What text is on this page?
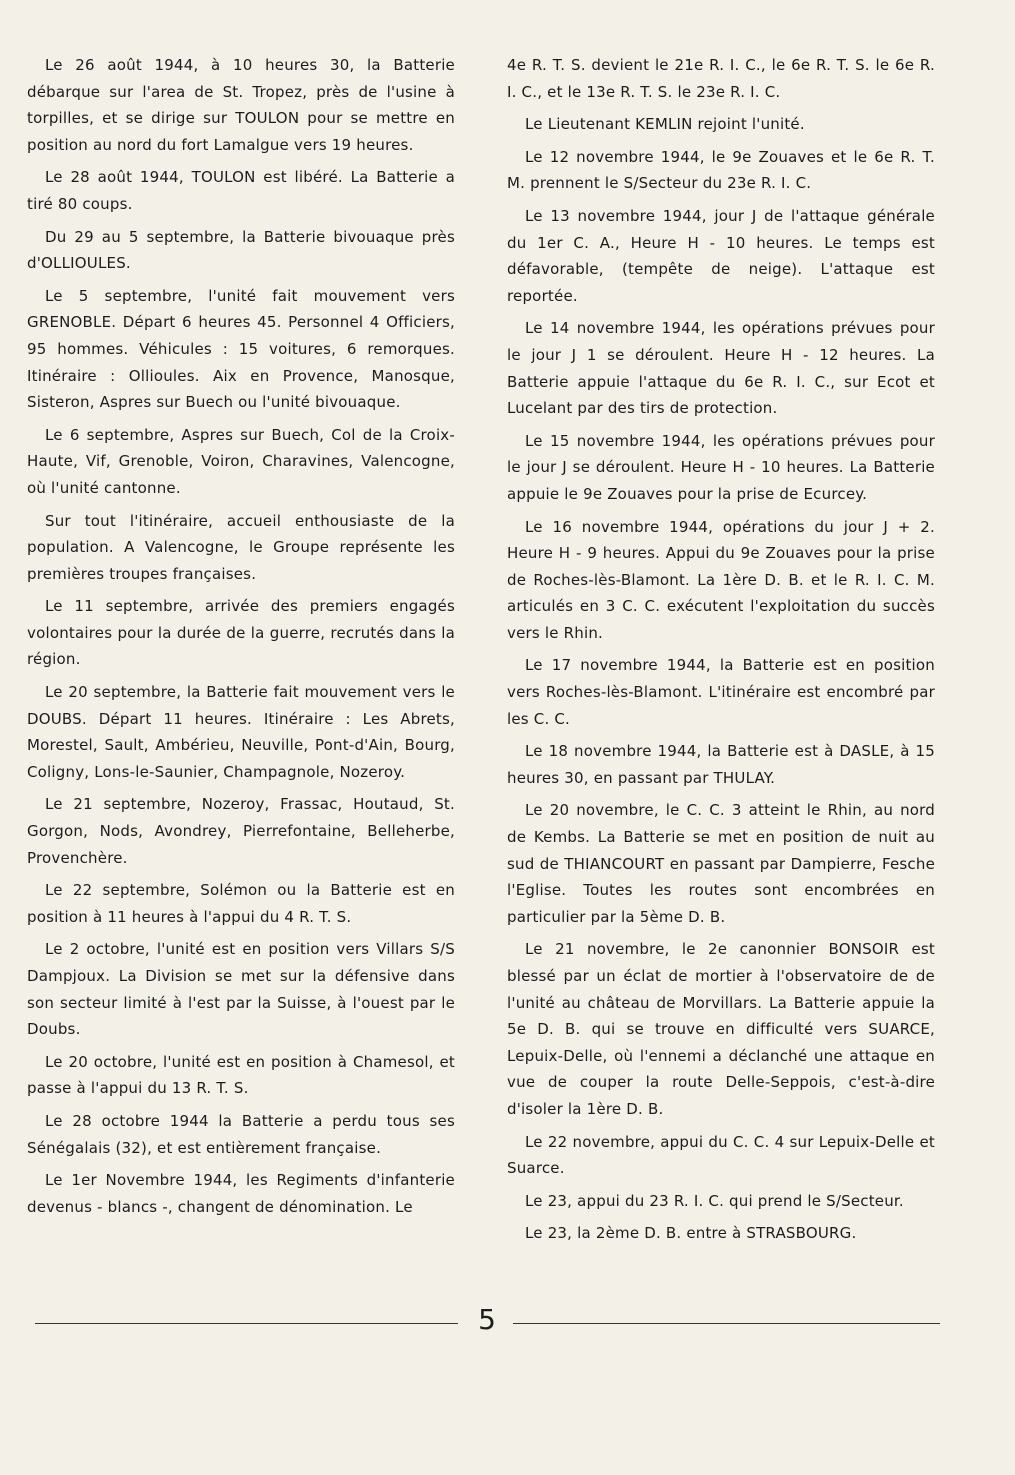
Le 26 août 1944, à 10 heures 30, la Batterie débarque sur l'area de St. Tropez, près de l'usine à torpilles, et se dirige sur TOULON pour se mettre en position au nord du fort Lamalgue vers 19 heures.

Le 28 août 1944, TOULON est libéré. La Batterie a tiré 80 coups.

Du 29 au 5 septembre, la Batterie bivouaque près d'OLLIOULES.

Le 5 septembre, l'unité fait mouvement vers GRENOBLE. Départ 6 heures 45. Personnel 4 Officiers, 95 hommes. Véhicules : 15 voitures, 6 remorques. Itinéraire : Ollioules. Aix en Provence, Manosque, Sisteron, Aspres sur Buech ou l'unité bivouaque.

Le 6 septembre, Aspres sur Buech, Col de la Croix-Haute, Vif, Grenoble, Voiron, Charavines, Valencogne, où l'unité cantonne.

Sur tout l'itinéraire, accueil enthousiaste de la population. A Valencogne, le Groupe représente les premières troupes françaises.

Le 11 septembre, arrivée des premiers engagés volontaires pour la durée de la guerre, recrutés dans la région.

Le 20 septembre, la Batterie fait mouvement vers le DOUBS. Départ 11 heures. Itinéraire : Les Abrets, Morestel, Sault, Ambérieu, Neuville, Pont-d'Ain, Bourg, Coligny, Lons-le-Saunier, Champagnole, Nozeroy.

Le 21 septembre, Nozeroy, Frassac, Houtaud, St. Gorgon, Nods, Avondrey, Pierrefontaine, Belleherbe, Provenchère.

Le 22 septembre, Solémon ou la Batterie est en position à 11 heures à l'appui du 4 R. T. S.

Le 2 octobre, l'unité est en position vers Villars S/S Dampjoux. La Division se met sur la défensive dans son secteur limité à l'est par la Suisse, à l'ouest par le Doubs.

Le 20 octobre, l'unité est en position à Chamesol, et passe à l'appui du 13 R. T. S.

Le 28 octobre 1944 la Batterie a perdu tous ses Sénégalais (32), et est entièrement française.

Le 1er Novembre 1944, les Regiments d'infanterie devenus - blancs -, changent de dénomination. Le

4e R. T. S. devient le 21e R. I. C., le 6e R. T. S. le 6e R. I. C., et le 13e R. T. S. le 23e R. I. C.

Le Lieutenant KEMLIN rejoint l'unité.

Le 12 novembre 1944, le 9e Zouaves et le 6e R. T. M. prennent le S/Secteur du 23e R. I. C.

Le 13 novembre 1944, jour J de l'attaque générale du 1er C. A., Heure H - 10 heures. Le temps est défavorable, (tempête de neige). L'attaque est reportée.

Le 14 novembre 1944, les opérations prévues pour le jour J 1 se déroulent. Heure H - 12 heures. La Batterie appuie l'attaque du 6e R. I. C., sur Ecot et Lucelant par des tirs de protection.

Le 15 novembre 1944, les opérations prévues pour le jour J se déroulent. Heure H - 10 heures. La Batterie appuie le 9e Zouaves pour la prise de Ecurcey.

Le 16 novembre 1944, opérations du jour J + 2. Heure H - 9 heures. Appui du 9e Zouaves pour la prise de Roches-lès-Blamont. La 1ère D. B. et le R. I. C. M. articulés en 3 C. C. exécutent l'exploitation du succès vers le Rhin.

Le 17 novembre 1944, la Batterie est en position vers Roches-lès-Blamont. L'itinéraire est encombré par les C. C.

Le 18 novembre 1944, la Batterie est à DASLE, à 15 heures 30, en passant par THULAY.

Le 20 novembre, le C. C. 3 atteint le Rhin, au nord de Kembs. La Batterie se met en position de nuit au sud de THIANCOURT en passant par Dampierre, Fesche l'Eglise. Toutes les routes sont encombrées en particulier par la 5ème D. B.

Le 21 novembre, le 2e canonnier BONSOIR est blessé par un éclat de mortier à l'observatoire de de l'unité au château de Morvillars. La Batterie appuie la 5e D. B. qui se trouve en difficulté vers SUARCE, Lepuix-Delle, où l'ennemi a déclanché une attaque en vue de couper la route Delle-Seppois, c'est-à-dire d'isoler la 1ère D. B.

Le 22 novembre, appui du C. C. 4 sur Lepuix-Delle et Suarce.

Le 23, appui du 23 R. I. C. qui prend le S/Secteur.

Le 23, la 2ème D. B. entre à STRASBOURG.

5
